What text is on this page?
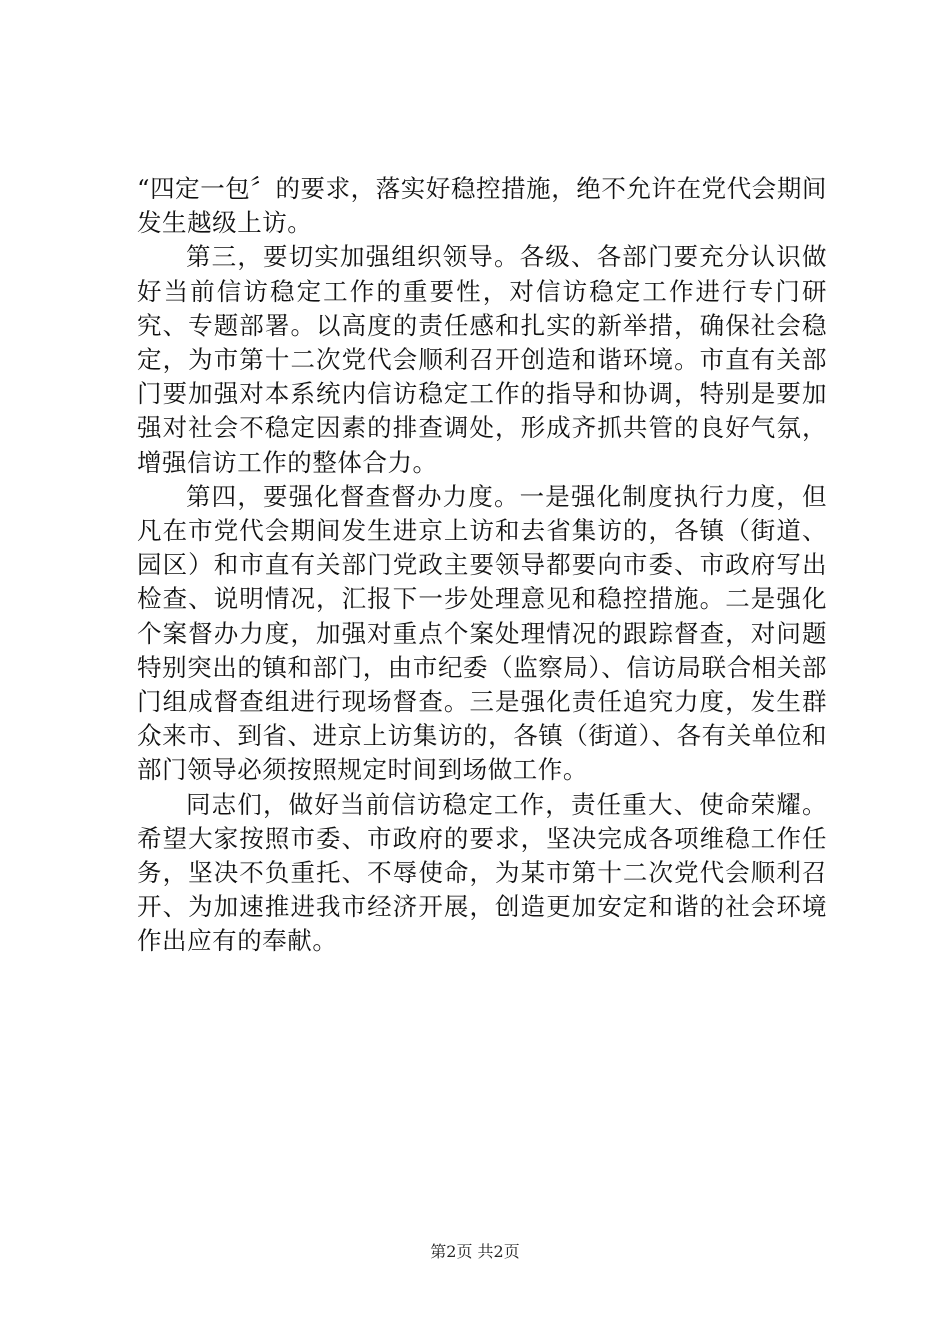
“四定一包〞的要求，落实好稳控措施，绝不允许在党代会期间发生越级上访。

第三，要切实加强组织领导。各级、各部门要充分认识做好当前信访稳定工作的重要性，对信访稳定工作进行专门研究、专题部署。以高度的责任感和扎实的新举措，确保社会稳定，为市第十二次党代会顺利召开创造和谐环境。市直有关部门要加强对本系统内信访稳定工作的指导和协调，特别是要加强对社会不稳定因素的排查调处，形成齐抓共管的良好气氛，增强信访工作的整体合力。

第四，要强化督查督办力度。一是强化制度执行力度，但凡在市党代会期间发生进京上访和去省集访的，各镇（街道、园区）和市直有关部门党政主要领导都要向市委、市政府写出检查、说明情况，汇报下一步处理意见和稳控措施。二是强化个案督办力度，加强对重点个案处理情况的跟踪督查，对问题特别突出的镇和部门，由市纪委（监察局）、信访局联合相关部门组成督查组进行现场督查。三是强化责任追究力度，发生群众来市、到省、进京上访集访的，各镇（街道）、各有关单位和部门领导必须按照规定时间到场做工作。

同志们，做好当前信访稳定工作，责任重大、使命荣耀。希望大家按照市委、市政府的要求，坚决完成各项维稳工作任务，坚决不负重托、不辱使命，为某市第十二次党代会顺利召开、为加速推进我市经济开展，创造更加安定和谐的社会环境作出应有的奉献。

第2页 共2页
